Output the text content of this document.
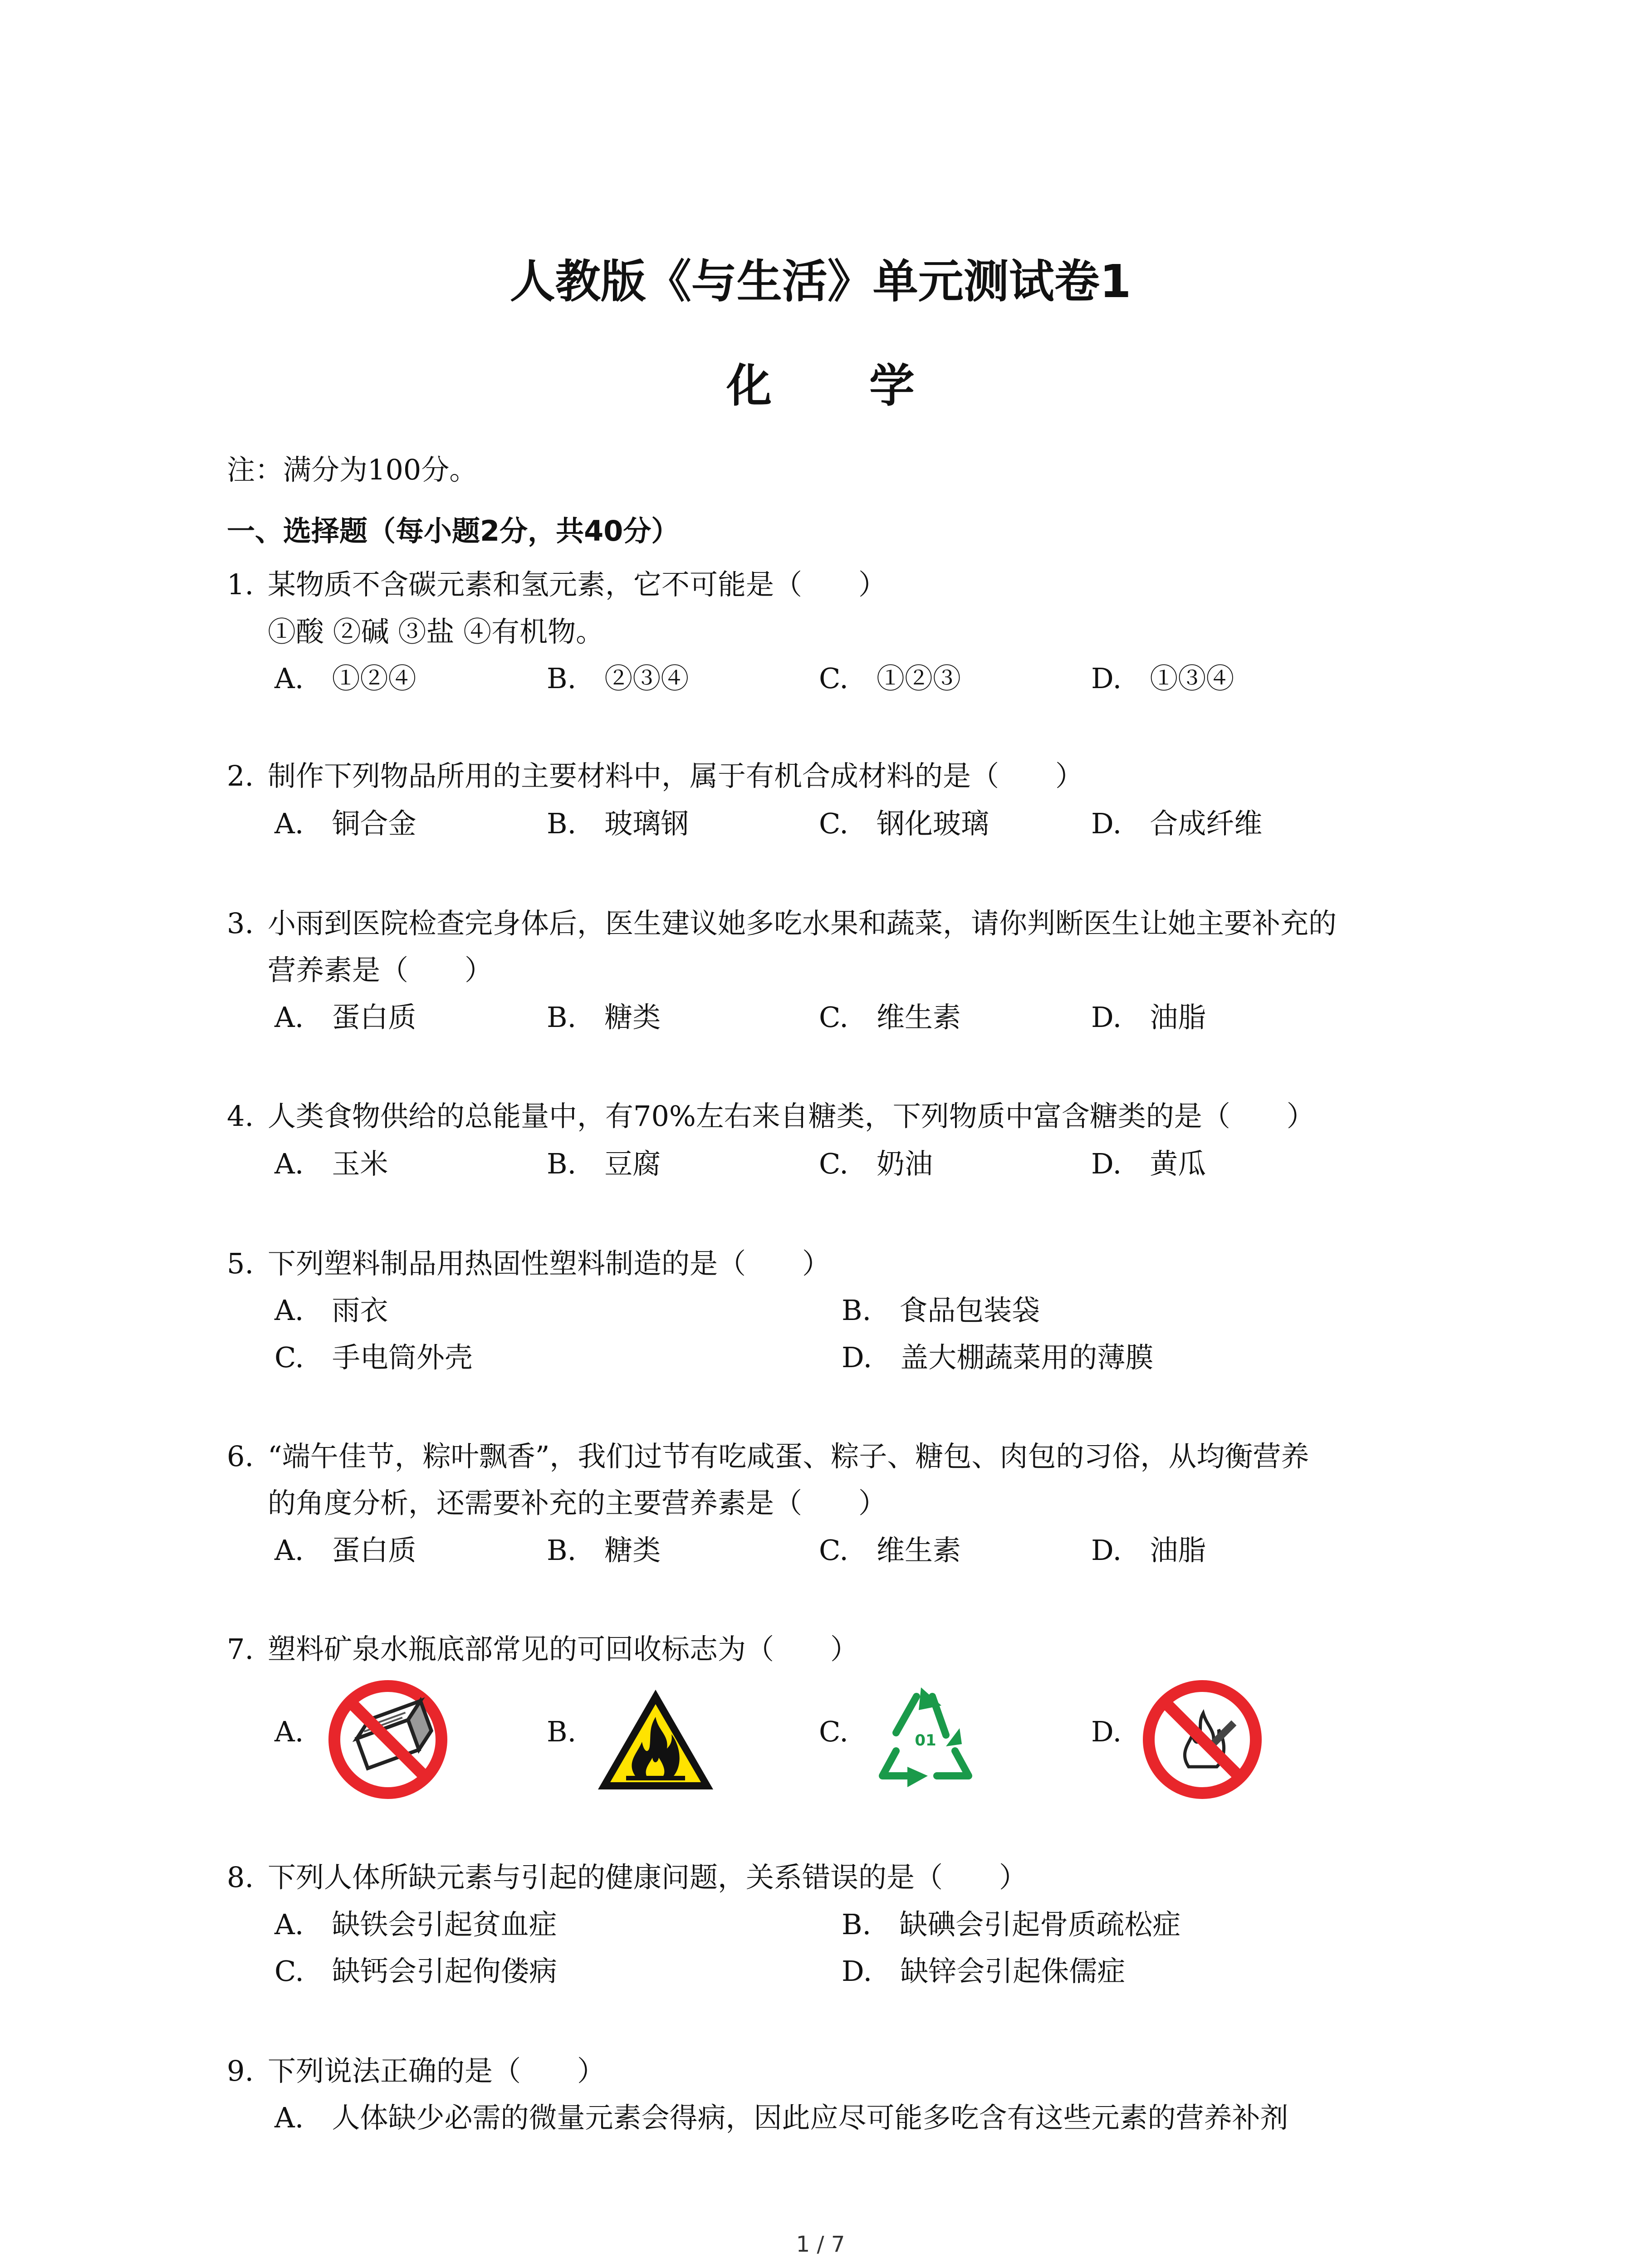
人教版《与生活》单元测试卷1
化 学
注：满分为100分。
一、选择题（每小题2分，共40分）
1. 某物质不含碳元素和氢元素，它不可能是（　　）
①酸 ②碱 ③盐 ④有机物。
A.　①②④	B.　②③④	C.　①②③	D.　①③④
2. 制作下列物品所用的主要材料中，属于有机合成材料的是（　　）
A.　铜合金	B.　玻璃钢	C.　钢化玻璃	D.　合成纤维
3. 小雨到医院检查完身体后，医生建议她多吃水果和蔬菜，请你判断医生让她主要补充的
营养素是（　　）
A.　蛋白质	B.　糖类	C.　维生素	D.　油脂
4. 人类食物供给的总能量中，有70%左右来自糖类，下列物质中富含糖类的是（　　）
A.　玉米	B.　豆腐	C.　奶油	D.　黄瓜
5. 下列塑料制品用热固性塑料制造的是（　　）
A.　雨衣	B.　食品包装袋
C.　手电筒外壳	D.　盖大棚蔬菜用的薄膜
6. “端午佳节，粽叶飘香”，我们过节有吃咸蛋、粽子、糖包、肉包的习俗，从均衡营养
的角度分析，还需要补充的主要营养素是（　　）
A.　蛋白质	B.　糖类	C.　维生素	D.　油脂
7. 塑料矿泉水瓶底部常见的可回收标志为（　　）
A.	B.	C.	D.
01
8. 下列人体所缺元素与引起的健康问题，关系错误的是（　　）
A.　缺铁会引起贫血症	B.　缺碘会引起骨质疏松症
C.　缺钙会引起佝偻病	D.　缺锌会引起侏儒症
9. 下列说法正确的是（　　）
A.　人体缺少必需的微量元素会得病，因此应尽可能多吃含有这些元素的营养补剂
1 / 7
